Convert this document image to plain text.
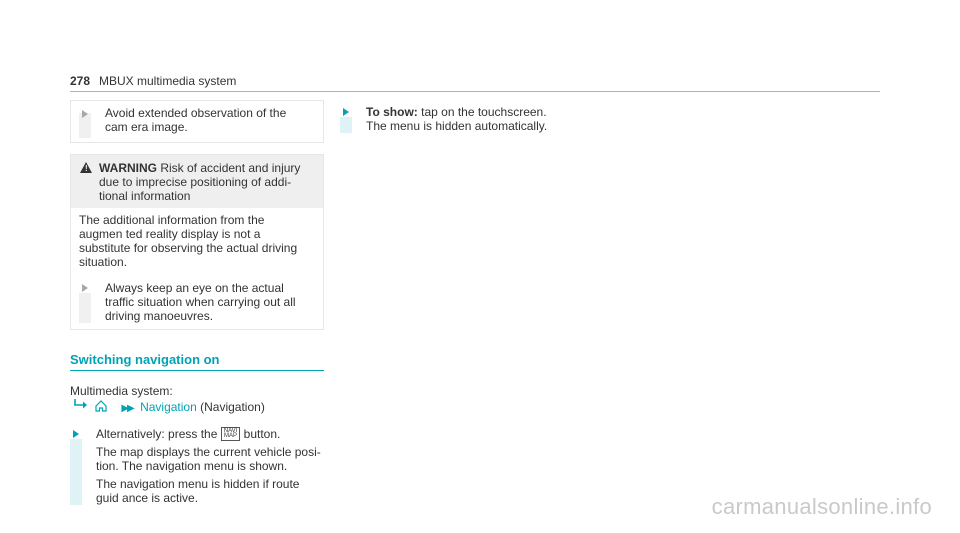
278 MBUX multimedia system

Avoid extended observation of the cam era image.

! WARNING Risk of accident and injury due to imprecise positioning of addi tional information

The additional information from the augmen ted reality display is not a substitute for observing the actual driving situation.

Always keep an eye on the actual traffic situation when carrying out all driving manoeuvres.

Switching navigation on

Multimedia system:

▶▶ Navigation (Navigation)

Alternatively: press the NAVI
MAP button.

The map displays the current vehicle posi tion. The navigation menu is shown.

The navigation menu is hidden if route guid ance is active.

To show: tap on the touchscreen.

The menu is hidden automatically.

carmanualsonline.info
